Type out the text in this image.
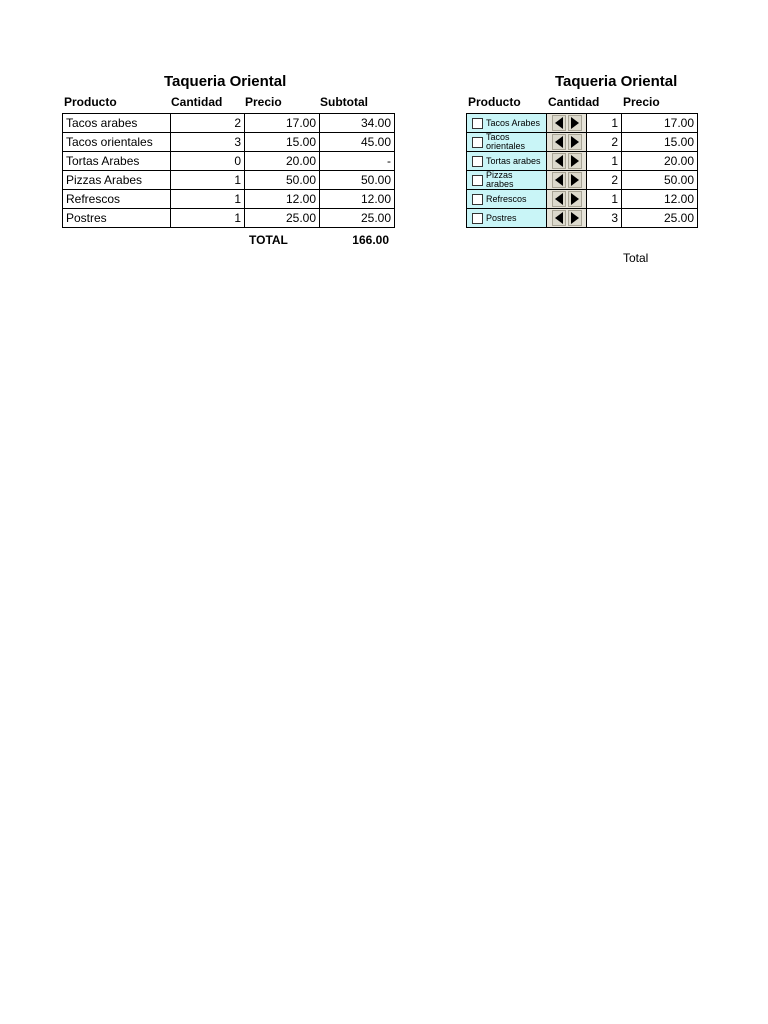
Taqueria Oriental
Producto	Cantidad Precio	Subtotal
Tacos arabes	2	17.00	34.00
Tacos orientales	3	15.00	45.00
Tortas Arabes	0	20.00	-
Pizzas Arabes	1	50.00	50.00
Refrescos	1	12.00	12.00
Postres	1	25.00	25.00
TOTAL	166.00
Taqueria Oriental
Producto Cantidad Precio
Tacos Arabes		1	17.00

Tacos orientales		2	15.00

Tortas arabes		1	20.00

Pizzas arabes		2	50.00

Refrescos		1	12.00

Postres		3	25.00
Total
